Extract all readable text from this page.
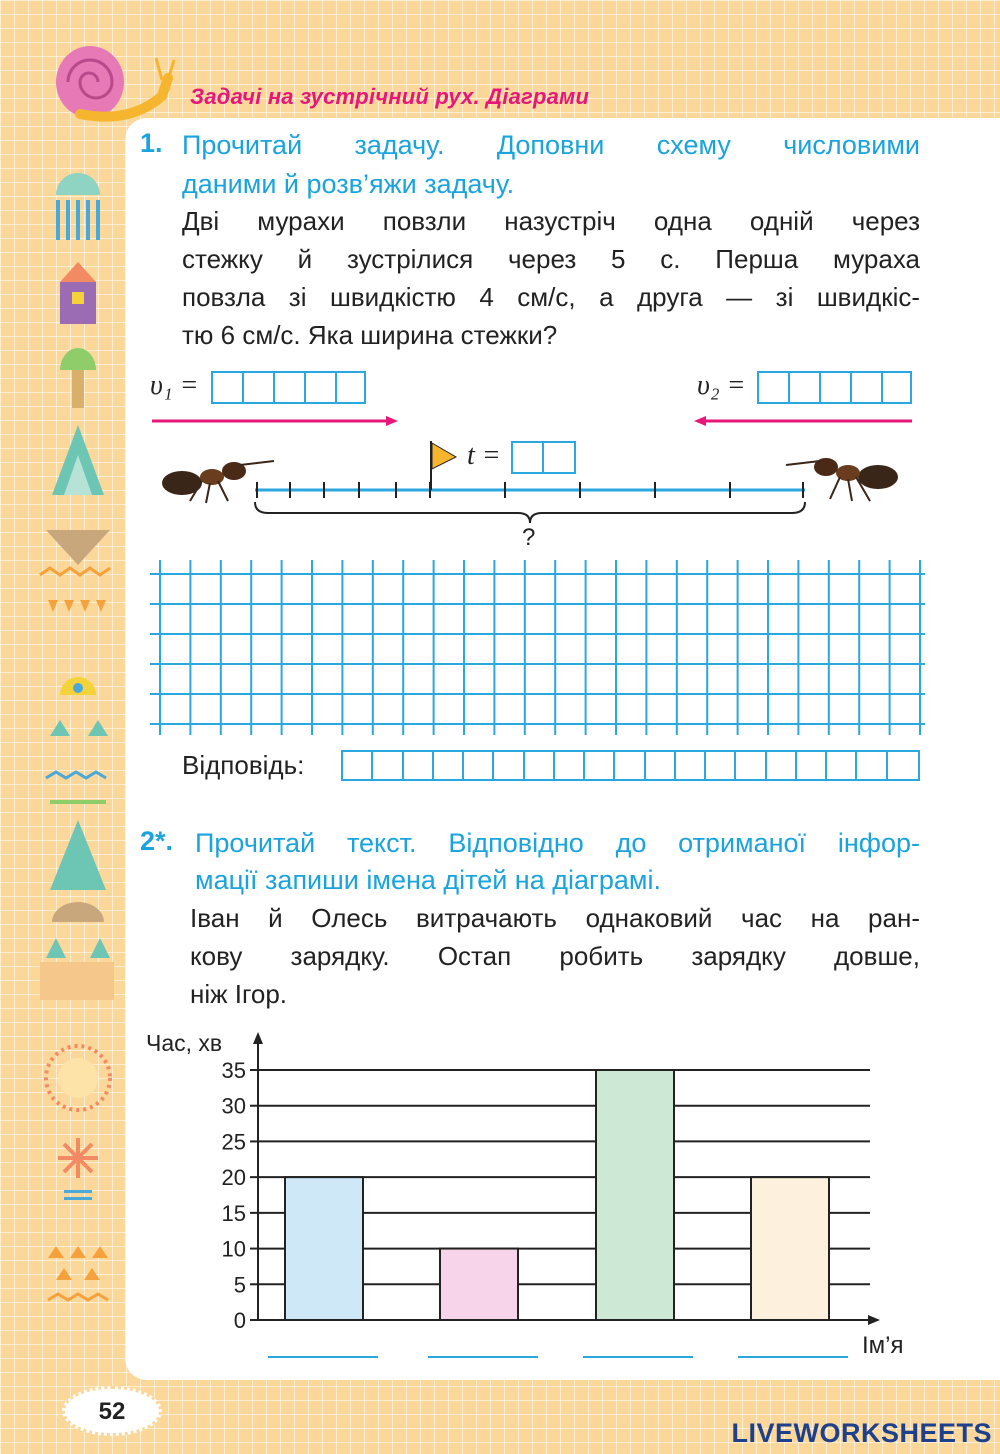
Задачі на зустрічний рух. Діаграми
1. Прочитай задачу. Доповни схему числовими
даними й розв’яжи задачу.
Дві мурахи повзли назустріч одна одній через
стежку й зустрілися через 5 с. Перша мураха
повзла зі швидкістю 4 см/с, а друга — зі швидкіс-
тю 6 см/с. Яка ширина стежки?
υ₁ =	υ₂ =
t =
?
Відповідь:
2*. Прочитай текст. Відповідно до отриманої інфор-
мації запиши імена дітей на діаграмі.
Іван й Олесь витрачають однаковий час на ран-
кову зарядку. Остап робить зарядку довше,
ніж Ігор.
Час, хв
Ім’я
0
5
10
15
20
25
30
35
52
LIVEWORKSHEETS
